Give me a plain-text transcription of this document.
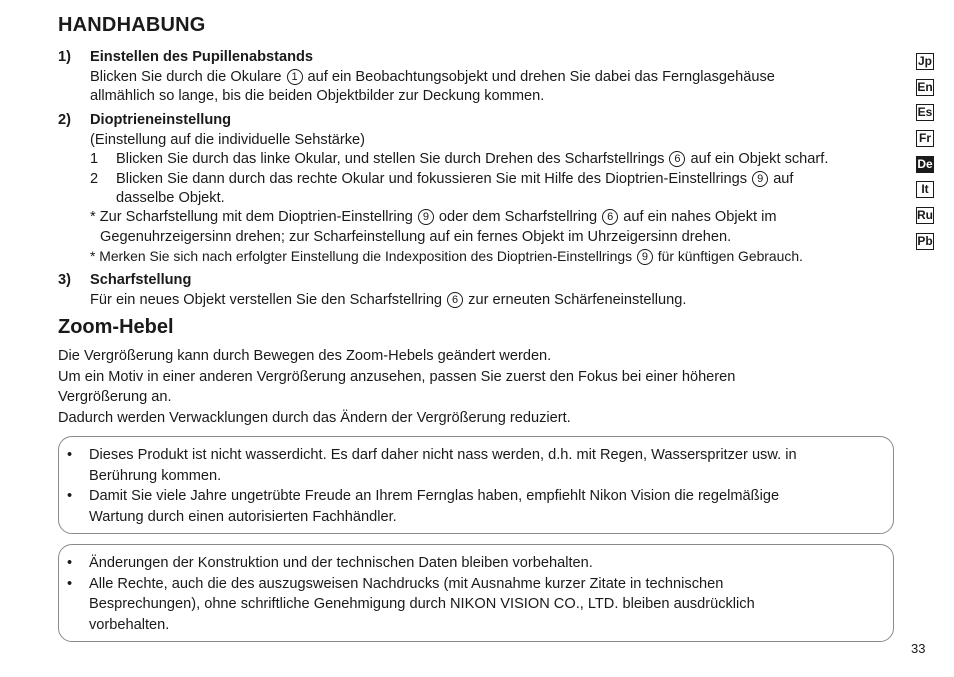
HANDHABUNG
1)	Einstellen des Pupillenabstands
Blicken Sie durch die Okulare 1 auf ein Beobachtungsobjekt und drehen Sie dabei das Fernglasgehäuse
allmählich so lange, bis die beiden Objektbilder zur Deckung kommen.
2)	Dioptrieneinstellung
(Einstellung auf die individuelle Sehstärke)
1	Blicken Sie durch das linke Okular, und stellen Sie durch Drehen des Scharfstellrings 6 auf ein Objekt scharf.
2	Blicken Sie dann durch das rechte Okular und fokussieren Sie mit Hilfe des Dioptrien-Einstellrings 9 auf
dasselbe Objekt.
* Zur Scharfstellung mit dem Dioptrien-Einstellring 9 oder dem Scharfstellring 6 auf ein nahes Objekt im
Gegenuhrzeigersinn drehen; zur Scharfeinstellung auf ein fernes Objekt im Uhrzeigersinn drehen.
* Merken Sie sich nach erfolgter Einstellung die Indexposition des Dioptrien-Einstellrings 9 für künftigen Gebrauch.
3)	Scharfstellung
Für ein neues Objekt verstellen Sie den Scharfstellring 6 zur erneuten Schärfeneinstellung.
Zoom-Hebel
Die Vergrößerung kann durch Bewegen des Zoom-Hebels geändert werden.
Um ein Motiv in einer anderen Vergrößerung anzusehen, passen Sie zuerst den Fokus bei einer höheren
Vergrößerung an.
Dadurch werden Verwacklungen durch das Ändern der Vergrößerung reduziert.
• Dieses Produkt ist nicht wasserdicht. Es darf daher nicht nass werden, d.h. mit Regen, Wasserspritzer usw. in
Berührung kommen.
• Damit Sie viele Jahre ungetrübte Freude an Ihrem Fernglas haben, empfiehlt Nikon Vision die regelmäßige
Wartung durch einen autorisierten Fachhändler.
• Änderungen der Konstruktion und der technischen Daten bleiben vorbehalten.
• Alle Rechte, auch die des auszugsweisen Nachdrucks (mit Ausnahme kurzer Zitate in technischen
Besprechungen), ohne schriftliche Genehmigung durch NIKON VISION CO., LTD. bleiben ausdrücklich
vorbehalten.
Jp
En
Es
Fr
De
It
Ru
Pb
33
